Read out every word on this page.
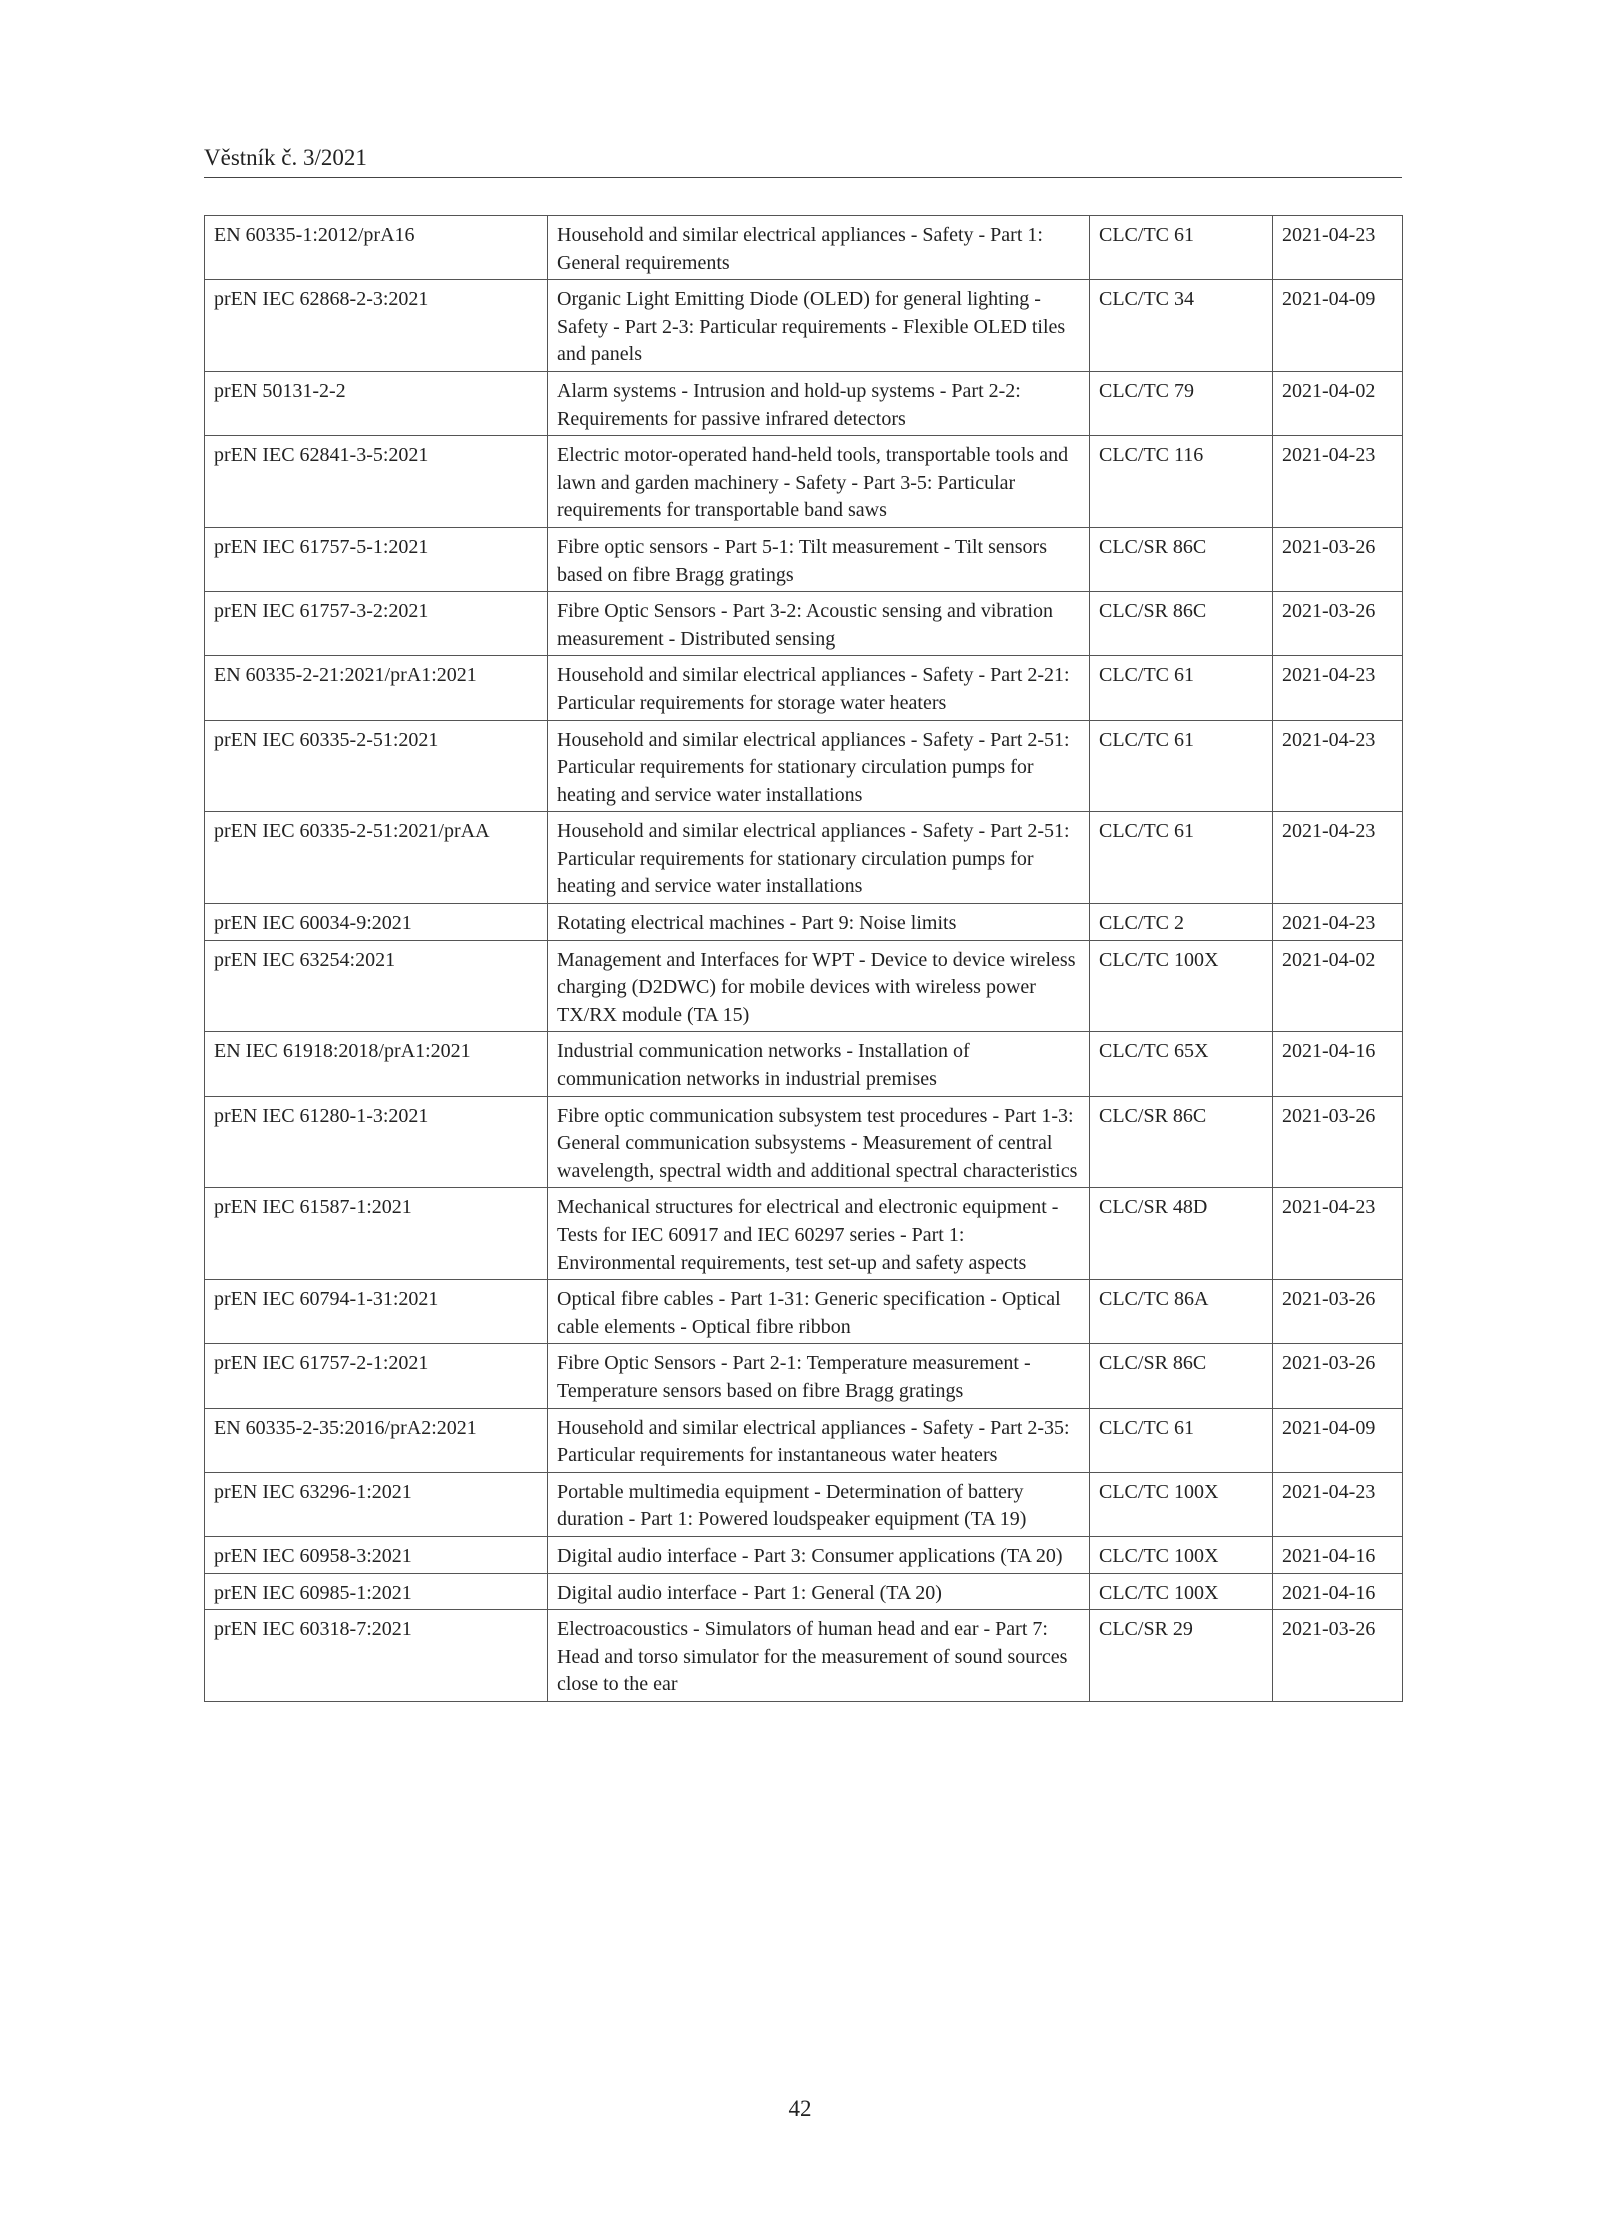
Věstník č. 3/2021
EN 60335-1:2012/prA16	Household and similar electrical appliances - Safety - Part 1: General requirements	CLC/TC 61	2021-04-23
prEN IEC 62868-2-3:2021	Organic Light Emitting Diode (OLED) for general lighting - Safety - Part 2-3: Particular requirements - Flexible OLED tiles and panels	CLC/TC 34	2021-04-09
prEN 50131-2-2	Alarm systems - Intrusion and hold-up systems - Part 2-2: Requirements for passive infrared detectors	CLC/TC 79	2021-04-02
prEN IEC 62841-3-5:2021	Electric motor-operated hand-held tools, transportable tools and lawn and garden machinery - Safety - Part 3-5: Particular requirements for transportable band saws	CLC/TC 116	2021-04-23
prEN IEC 61757-5-1:2021	Fibre optic sensors - Part 5-1: Tilt measurement - Tilt sensors based on fibre Bragg gratings	CLC/SR 86C	2021-03-26
prEN IEC 61757-3-2:2021	Fibre Optic Sensors - Part 3-2: Acoustic sensing and vibration measurement - Distributed sensing	CLC/SR 86C	2021-03-26
EN 60335-2-21:2021/prA1:2021	Household and similar electrical appliances - Safety - Part 2-21: Particular requirements for storage water heaters	CLC/TC 61	2021-04-23
prEN IEC 60335-2-51:2021	Household and similar electrical appliances - Safety - Part 2-51: Particular requirements for stationary circulation pumps for heating and service water installations	CLC/TC 61	2021-04-23
prEN IEC 60335-2-51:2021/prAA	Household and similar electrical appliances - Safety - Part 2-51: Particular requirements for stationary circulation pumps for heating and service water installations	CLC/TC 61	2021-04-23
prEN IEC 60034-9:2021	Rotating electrical machines - Part 9: Noise limits	CLC/TC 2	2021-04-23
prEN IEC 63254:2021	Management and Interfaces for WPT - Device to device wireless charging (D2DWC) for mobile devices with wireless power TX/RX module (TA 15)	CLC/TC 100X	2021-04-02
EN IEC 61918:2018/prA1:2021	Industrial communication networks - Installation of communication networks in industrial premises	CLC/TC 65X	2021-04-16
prEN IEC 61280-1-3:2021	Fibre optic communication subsystem test procedures - Part 1-3: General communication subsystems - Measurement of central wavelength, spectral width and additional spectral characteristics	CLC/SR 86C	2021-03-26
prEN IEC 61587-1:2021	Mechanical structures for electrical and electronic equipment - Tests for IEC 60917 and IEC 60297 series - Part 1: Environmental requirements, test set-up and safety aspects	CLC/SR 48D	2021-04-23
prEN IEC 60794-1-31:2021	Optical fibre cables - Part 1-31: Generic specification - Optical cable elements - Optical fibre ribbon	CLC/TC 86A	2021-03-26
prEN IEC 61757-2-1:2021	Fibre Optic Sensors - Part 2-1: Temperature measurement - Temperature sensors based on fibre Bragg gratings	CLC/SR 86C	2021-03-26
EN 60335-2-35:2016/prA2:2021	Household and similar electrical appliances - Safety - Part 2-35: Particular requirements for instantaneous water heaters	CLC/TC 61	2021-04-09
prEN IEC 63296-1:2021	Portable multimedia equipment - Determination of battery duration - Part 1: Powered loudspeaker equipment (TA 19)	CLC/TC 100X	2021-04-23
prEN IEC 60958-3:2021	Digital audio interface - Part 3: Consumer applications (TA 20)	CLC/TC 100X	2021-04-16
prEN IEC 60985-1:2021	Digital audio interface - Part 1: General (TA 20)	CLC/TC 100X	2021-04-16
prEN IEC 60318-7:2021	Electroacoustics - Simulators of human head and ear - Part 7: Head and torso simulator for the measurement of sound sources close to the ear	CLC/SR 29	2021-03-26
42
